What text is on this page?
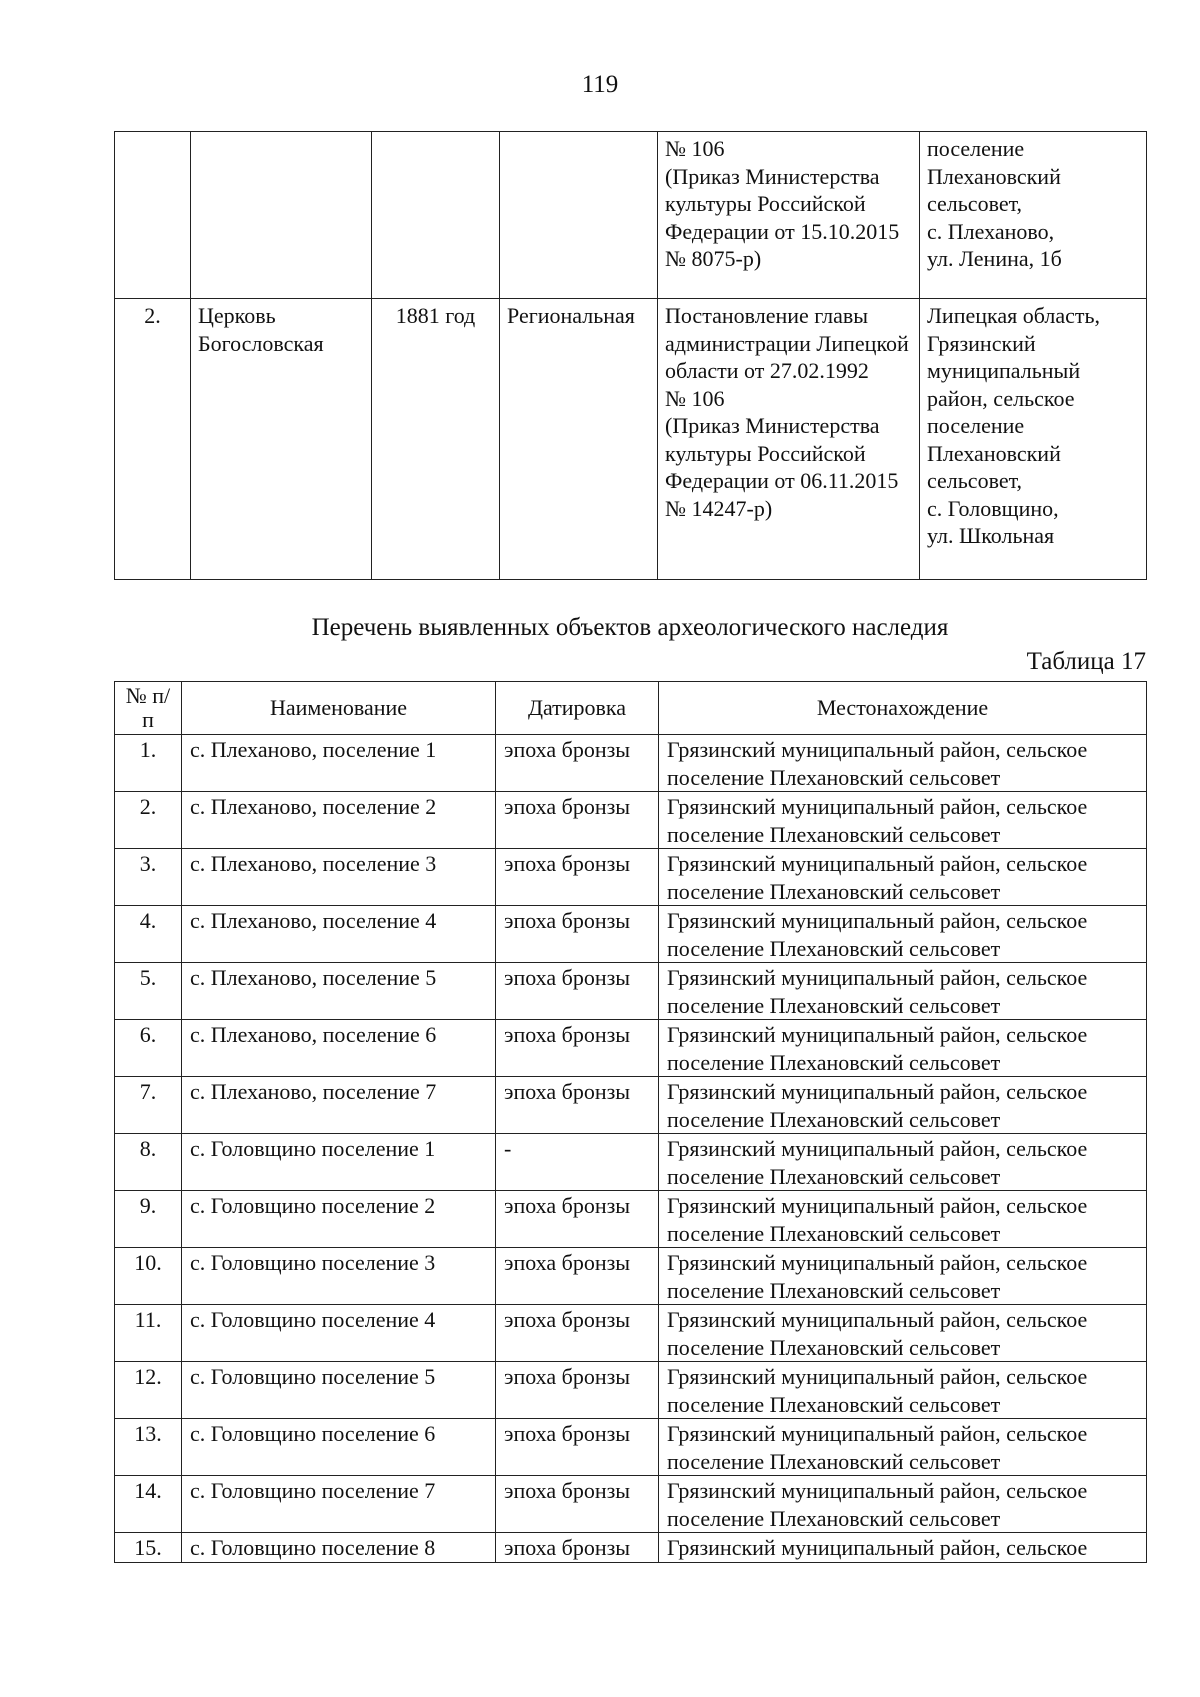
119
				№ 106
(Приказ Министерства культуры Российской Федерации от 15.10.2015
№ 8075-р)	поселение Плехановский сельсовет,
с. Плеханово,
ул. Ленина, 1б
2.	Церковь Богословская	1881 год	Региональная	Постановление главы администрации Липецкой области от 27.02.1992
№ 106
(Приказ Министерства культуры Российской Федерации от 06.11.2015
№ 14247-р)	Липецкая область, Грязинский муниципальный район, сельское поселение Плехановский сельсовет,
с. Головщино,
ул. Школьная
Перечень выявленных объектов археологического наследия
Таблица 17
№ п/п	Наименование	Датировка	Местонахождение
1.	с. Плеханово, поселение 1	эпоха бронзы	Грязинский муниципальный район, сельское поселение Плехановский сельсовет
2.	с. Плеханово, поселение 2	эпоха бронзы	Грязинский муниципальный район, сельское поселение Плехановский сельсовет
3.	с. Плеханово, поселение 3	эпоха бронзы	Грязинский муниципальный район, сельское поселение Плехановский сельсовет
4.	с. Плеханово, поселение 4	эпоха бронзы	Грязинский муниципальный район, сельское поселение Плехановский сельсовет
5.	с. Плеханово, поселение 5	эпоха бронзы	Грязинский муниципальный район, сельское поселение Плехановский сельсовет
6.	с. Плеханово, поселение 6	эпоха бронзы	Грязинский муниципальный район, сельское поселение Плехановский сельсовет
7.	с. Плеханово, поселение 7	эпоха бронзы	Грязинский муниципальный район, сельское поселение Плехановский сельсовет
8.	с. Головщино поселение 1	-	Грязинский муниципальный район, сельское поселение Плехановский сельсовет
9.	с. Головщино поселение 2	эпоха бронзы	Грязинский муниципальный район, сельское поселение Плехановский сельсовет
10.	с. Головщино поселение 3	эпоха бронзы	Грязинский муниципальный район, сельское поселение Плехановский сельсовет
11.	с. Головщино поселение 4	эпоха бронзы	Грязинский муниципальный район, сельское поселение Плехановский сельсовет
12.	с. Головщино поселение 5	эпоха бронзы	Грязинский муниципальный район, сельское поселение Плехановский сельсовет
13.	с. Головщино поселение 6	эпоха бронзы	Грязинский муниципальный район, сельское поселение Плехановский сельсовет
14.	с. Головщино поселение 7	эпоха бронзы	Грязинский муниципальный район, сельское поселение Плехановский сельсовет
15.	с. Головщино поселение 8	эпоха бронзы	Грязинский муниципальный район, сельское
